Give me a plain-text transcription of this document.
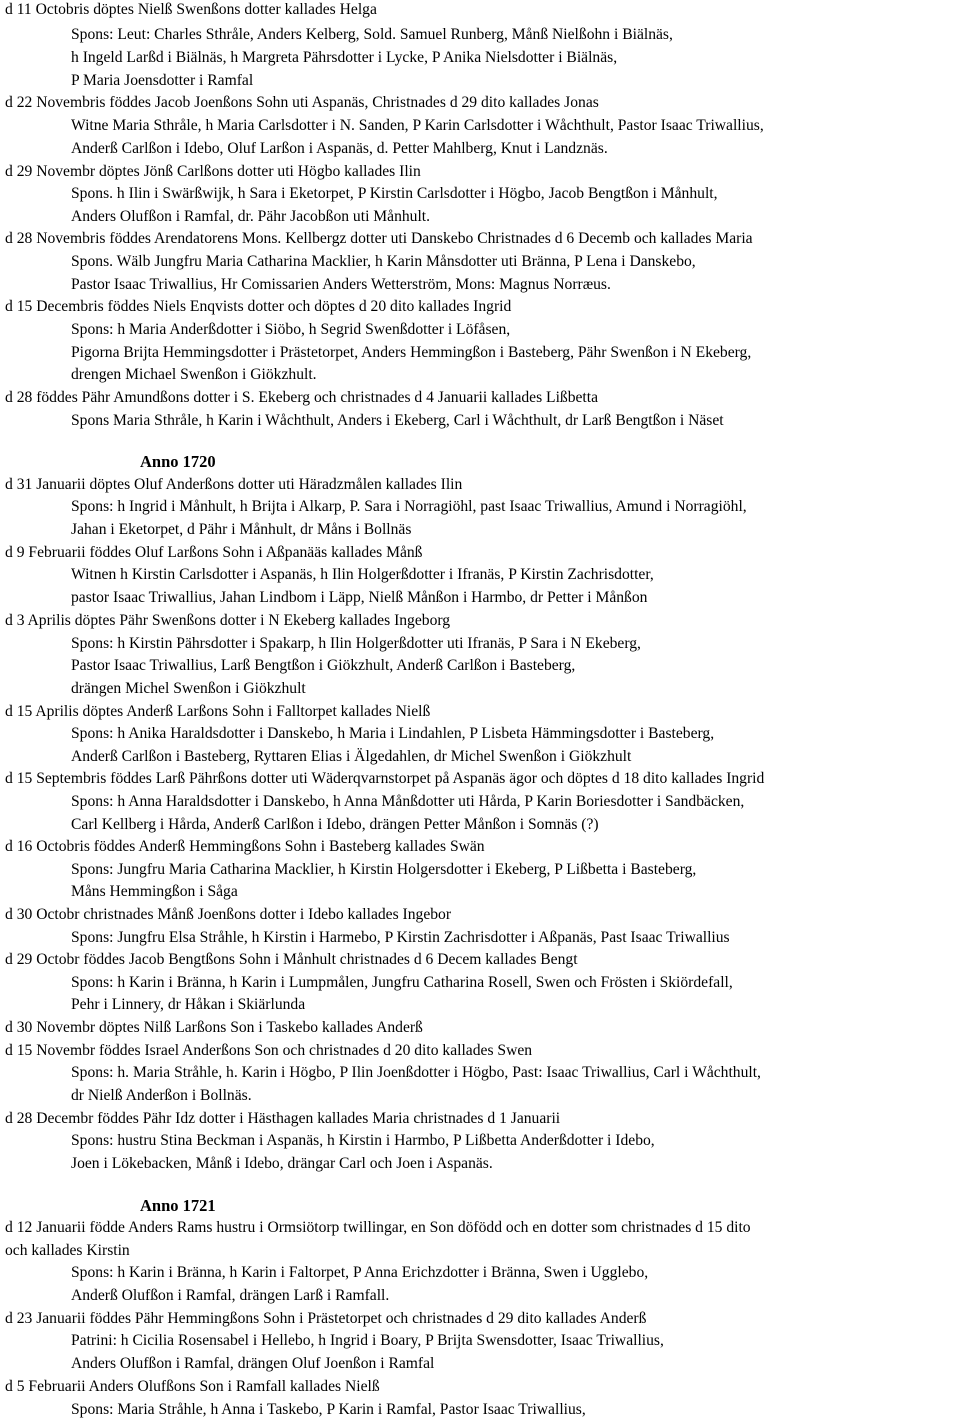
d 11 Octobris döptes Nielß Swenßons dotter kallades Helga
Spons: Leut: Charles Sthråle, Anders Kelberg, Sold. Samuel Runberg, Månß Nielßohn i Biälnäs,
h Ingeld Larßd i Biälnäs, h Margreta Pährsdotter i Lycke, P Anika Nielsdotter i Biälnäs,
P Maria Joensdotter i Ramfal
d 22 Novembris föddes Jacob Joenßons Sohn uti Aspanäs, Christnades d 29 dito kallades Jonas
Witne Maria Sthråle, h Maria Carlsdotter i N. Sanden, P Karin Carlsdotter i Wåchthult, Pastor Isaac Triwallius,
Anderß Carlßon i Idebo, Oluf Larßon i Aspanäs, d. Petter Mahlberg, Knut i Landznäs.
d 29 Novembr döptes Jönß Carlßons dotter uti Högbo kallades Ilin
Spons. h Ilin i Swärßwijk, h Sara i Eketorpet, P Kirstin Carlsdotter i Högbo, Jacob Bengtßon i Månhult,
Anders Olufßon i Ramfal, dr. Pähr Jacobßon uti Månhult.
d 28 Novembris föddes Arendatorens Mons. Kellbergz dotter uti Danskebo Christnades d 6 Decemb och kallades Maria
Spons. Wälb Jungfru Maria Catharina Macklier, h Karin Månsdotter uti Bränna, P Lena i Danskebo,
Pastor Isaac Triwallius, Hr Comissarien Anders Wetterström, Mons: Magnus Norræus.
d 15 Decembris föddes Niels Enqvists dotter och döptes d 20 dito kallades Ingrid
Spons: h Maria Anderßdotter i Siöbo, h Segrid Swenßdotter i Löfåsen,
Pigorna Brijta Hemmingsdotter i Prästetorpet, Anders Hemmingßon i Basteberg, Pähr Swenßon i N Ekeberg,
drengen Michael Swenßon i Giökzhult.
d 28 föddes Pähr Amundßons dotter i S. Ekeberg och christnades d 4 Januarii kallades Lißbetta
Spons Maria Sthråle, h Karin i Wåchthult, Anders i Ekeberg, Carl i Wåchthult, dr Larß Bengtßon i Näset
Anno 1720
d 31 Januarii döptes Oluf Anderßons dotter uti Häradzmålen kallades Ilin
Spons: h Ingrid i Månhult, h Brijta i Alkarp, P. Sara i Norragiöhl, past Isaac Triwallius, Amund i Norragiöhl,
Jahan i Eketorpet, d Pähr i Månhult, dr Måns i Bollnäs
d 9 Februarii föddes Oluf Larßons Sohn i Aßpanääs kallades Månß
Witnen h Kirstin Carlsdotter i Aspanäs, h Ilin Holgerßdotter i Ifranäs, P Kirstin Zachrisdotter,
pastor Isaac Triwallius, Jahan Lindbom i Läpp, Nielß Månßon i Harmbo, dr Petter i Månßon
d 3 Aprilis döptes Pähr Swenßons dotter i N Ekeberg kallades Ingeborg
Spons: h Kirstin Pährsdotter i Spakarp, h Ilin Holgerßdotter uti Ifranäs, P Sara i N Ekeberg,
Pastor Isaac Triwallius, Larß Bengtßon i Giökzhult, Anderß Carlßon i Basteberg,
drängen Michel Swenßon i Giökzhult
d 15 Aprilis döptes Anderß Larßons Sohn i Falltorpet kallades Nielß
Spons: h Anika Haraldsdotter i Danskebo, h Maria i Lindahlen, P Lisbeta Hämmingsdotter i Basteberg,
Anderß Carlßon i Basteberg, Ryttaren Elias i Älgedahlen, dr Michel Swenßon i Giökzhult
d 15 Septembris föddes Larß Pährßons dotter uti Wäderqvarnstorpet på Aspanäs ägor och döptes d 18 dito kallades Ingrid
Spons: h Anna Haraldsdotter i Danskebo, h Anna Månßdotter uti Hårda, P Karin Boriesdotter i Sandbäcken,
Carl Kellberg i Hårda, Anderß Carlßon i Idebo, drängen Petter Månßon i Somnäs (?)
d 16 Octobris föddes Anderß Hemmingßons Sohn i Basteberg kallades Swän
Spons: Jungfru Maria Catharina Macklier, h Kirstin Holgersdotter i Ekeberg, P Lißbetta i Basteberg,
Måns Hemmingßon i Såga
d 30 Octobr christnades Månß Joenßons dotter i Idebo kallades Ingebor
Spons: Jungfru Elsa Stråhle, h Kirstin i Harmebo, P Kirstin Zachrisdotter i Aßpanäs, Past Isaac Triwallius
d 29 Octobr föddes Jacob Bengtßons Sohn i Månhult christnades d 6 Decem kallades Bengt
Spons: h Karin i Bränna, h Karin i Lumpmålen, Jungfru Catharina Rosell, Swen och Frösten i Skiördefall,
Pehr i Linnery, dr Håkan i Skiärlunda
d 30 Novembr döptes Nilß Larßons Son i Taskebo kallades Anderß
d 15 Novembr föddes Israel Anderßons Son och christnades d 20 dito kallades Swen
Spons: h. Maria Stråhle, h. Karin i Högbo, P Ilin Joenßdotter i Högbo, Past: Isaac Triwallius, Carl i Wåchthult,
dr Nielß Anderßon i Bollnäs.
d 28 Decembr föddes Pähr Idz dotter i Hästhagen kallades Maria christnades d 1 Januarii
Spons: hustru Stina Beckman i Aspanäs, h Kirstin i Harmbo, P Lißbetta Anderßdotter i Idebo,
Joen i Lökebacken, Månß i Idebo, drängar Carl och Joen i Aspanäs.
Anno 1721
d 12 Januarii födde Anders Rams hustru i Ormsiötorp twillingar, en Son döfödd och en dotter som christnades d 15 dito
och kallades Kirstin
Spons: h Karin i Bränna, h Karin i Faltorpet, P Anna Erichzdotter i Bränna, Swen i Ugglebo,
Anderß Olufßon i Ramfal, drängen Larß i Ramfall.
d 23 Januarii föddes Pähr Hemmingßons Sohn i Prästetorpet och christnades d 29 dito kallades Anderß
Patrini: h Cicilia Rosensabel i Hellebo, h Ingrid i Boary, P Brijta Swensdotter, Isaac Triwallius,
Anders Olufßon i Ramfal, drängen Oluf Joenßon i Ramfal
d 5 Februarii Anders Olufßons Son i Ramfall kallades Nielß
Spons: Maria Stråhle, h Anna i Taskebo, P Karin i Ramfal, Pastor Isaac Triwallius,
